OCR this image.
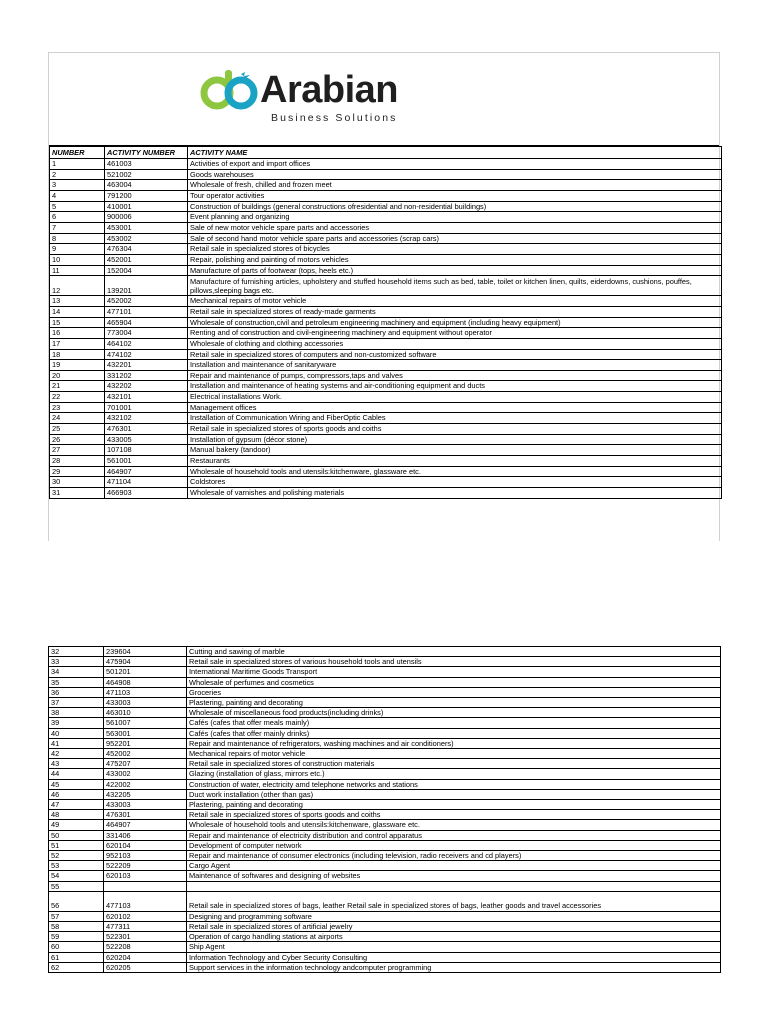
Arabian
Business Solutions
NUMBER	ACTIVITY NUMBER	ACTIVITY NAME
1	461003	Activities of export and import offices
2	521002	Goods warehouses
3	463004	Wholesale of fresh, chilled and frozen meet
4	791200	Tour operator activities
5	410001	Construction of buildings (general constructions ofresidential and non-residential buildings)
6	900006	Event planning and organizing
7	453001	Sale of new motor vehicle spare parts and accessories
8	453002	Sale of second hand motor vehicle spare parts and accessories (scrap cars)
9	476304	Retail sale in specialized stores of bicycles
10	452001	Repair, polishing and painting of motors vehicles
11	152004	Manufacture of parts of footwear (tops, heels etc.)
12	139201	Manufacture of furnishing articles, upholstery and stuffed household items such as bed, table, toilet or kitchen linen, quilts, eiderdowns, cushions, pouffes, pillows,sleeping bags etc.
13	452002	Mechanical repairs of motor vehicle
14	477101	Retail sale in specialized stores of ready-made garments
15	465904	Wholesale of construction,civil and petroleum engineering machinery and equipment (including heavy equipment)
16	773004	Renting and of construction and civil-engineering machinery and equipment without operator
17	464102	Wholesale of clothing and clothing accessories
18	474102	Retail sale in specialized stores of computers and non-customized software
19	432201	Installation and maintenance of sanitaryware
20	331202	Repair and maintenance of pumps, compressors,taps and valves
21	432202	Installation and maintenance of heating systems and air-conditioning equipment and ducts
22	432101	Electrical installations Work.
23	701001	Management offices
24	432102	Installation of Communication Wiring and FiberOptic Cables
25	476301	Retail sale in specialized stores of sports goods and coiths
26	433005	Installation of gypsum (décor stone)
27	107108	Manual bakery (tandoor)
28	561001	Restaurants
29	464907	Wholesale of household tools and utensils:kitchenware, glassware etc.
30	471104	Coldstores
31	466903	Wholesale of varnishes and polishing materials
32	239604	Cutting and sawing of marble
33	475904	Retail sale in specialized stores of various household tools and utensils
34	501201	International Maritime Goods Transport
35	464908	Wholesale of perfumes and cosmetics
36	471103	Groceries
37	433003	Plastering, painting and decorating
38	463010	Wholesale of miscellaneous food products(including drinks)
39	561007	Cafés (cafes that offer meals mainly)
40	563001	Cafés (cafes that offer mainly drinks)
41	952201	Repair and maintenance of refrigerators, washing machines and air conditioners)
42	452002	Mechanical repairs of motor vehicle
43	475207	Retail sale in specialized stores of construction materials
44	433002	Glazing (installation of glass, mirrors etc.)
45	422002	Construction of water, electricity amd telephone networks and stations
46	432205	Duct work installation (other than gas)
47	433003	Plastering, painting and decorating
48	476301	Retail sale in specialized stores of sports goods and coiths
49	464907	Wholesale of household tools and utensils:kitchenware, glassware etc.
50	331406	Repair and maintenance of electricity distribution and control apparatus
51	620104	Development of computer network
52	952103	Repair and maintenance of consumer electronics (including television, radio receivers and cd players)
53	522209	Cargo Agent
54	620103	Maintenance of softwares and designing of websites
55		
56	477103	Retail sale in specialized stores of bags, leather Retail sale in specialized stores of bags, leather goods and travel accessories
57	620102	Designing and programming software
58	477311	Retail sale in specialized stores of artificial jewelry
59	522301	Operation of cargo handling stations at airports
60	522208	Ship Agent
61	620204	Information Technology and Cyber Security Consulting
62	620205	Support services in the information technology andcomputer programming
